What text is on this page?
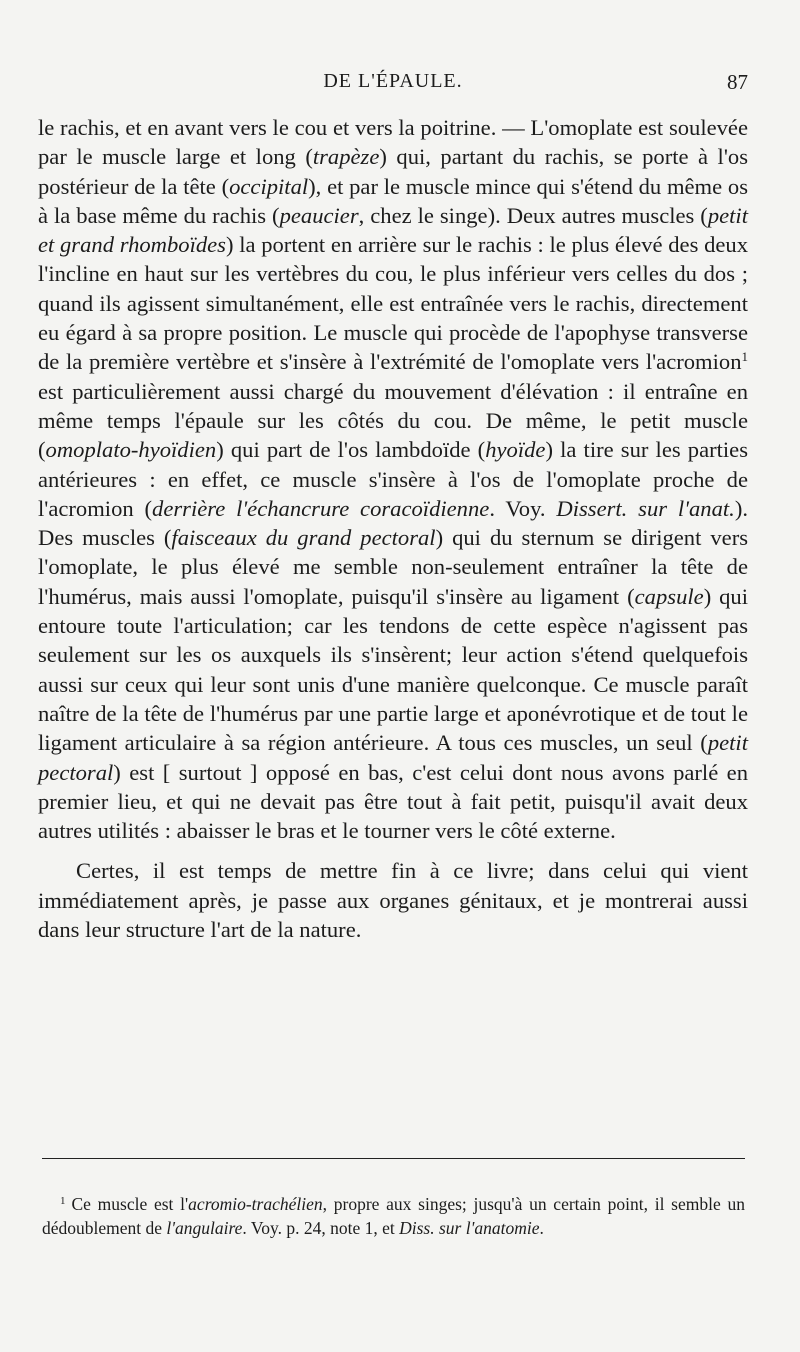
DE L'ÉPAULE.	87

le rachis, et en avant vers le cou et vers la poitrine. — L'omoplate est soulevée par le muscle large et long (trapèze) qui, partant du rachis, se porte à l'os postérieur de la tête (occipital), et par le muscle mince qui s'étend du même os à la base même du rachis (peaucier, chez le singe). Deux autres muscles (petit et grand rhomboïdes) la portent en arrière sur le rachis : le plus élevé des deux l'incline en haut sur les vertèbres du cou, le plus inférieur vers celles du dos ; quand ils agissent simultanément, elle est entraînée vers le rachis, directement eu égard à sa propre position. Le muscle qui procède de l'apophyse transverse de la première vertèbre et s'insère à l'extrémité de l'omoplate vers l'acromion$^1$ est particulièrement aussi chargé du mouvement d'élévation : il entraîne en même temps l'épaule sur les côtés du cou. De même, le petit muscle (omoplato-hyoïdien) qui part de l'os lambdoïde (hyoïde) la tire sur les parties antérieures : en effet, ce muscle s'insère à l'os de l'omoplate proche de l'acromion (derrière l'échancrure coracoïdienne. Voy. Dissert. sur l'anat.). Des muscles (faisceaux du grand pectoral) qui du sternum se dirigent vers l'omoplate, le plus élevé me semble non-seulement entraîner la tête de l'humérus, mais aussi l'omoplate, puisqu'il s'insère au ligament (capsule) qui entoure toute l'articulation; car les tendons de cette espèce n'agissent pas seulement sur les os auxquels ils s'insèrent; leur action s'étend quelquefois aussi sur ceux qui leur sont unis d'une manière quelconque. Ce muscle paraît naître de la tête de l'humérus par une partie large et aponévrotique et de tout le ligament articulaire à sa région antérieure. A tous ces muscles, un seul (petit pectoral) est [ surtout ] opposé en bas, c'est celui dont nous avons parlé en premier lieu, et qui ne devait pas être tout à fait petit, puisqu'il avait deux autres utilités : abaisser le bras et le tourner vers le côté externe.

Certes, il est temps de mettre fin à ce livre; dans celui qui vient immédiatement après, je passe aux organes génitaux, et je montrerai aussi dans leur structure l'art de la nature.

$^1$ Ce muscle est l'acromio-trachélien, propre aux singes; jusqu'à un certain point, il semble un dédoublement de l'angulaire. Voy. p. 24, note 1, et Diss. sur l'anatomie.
